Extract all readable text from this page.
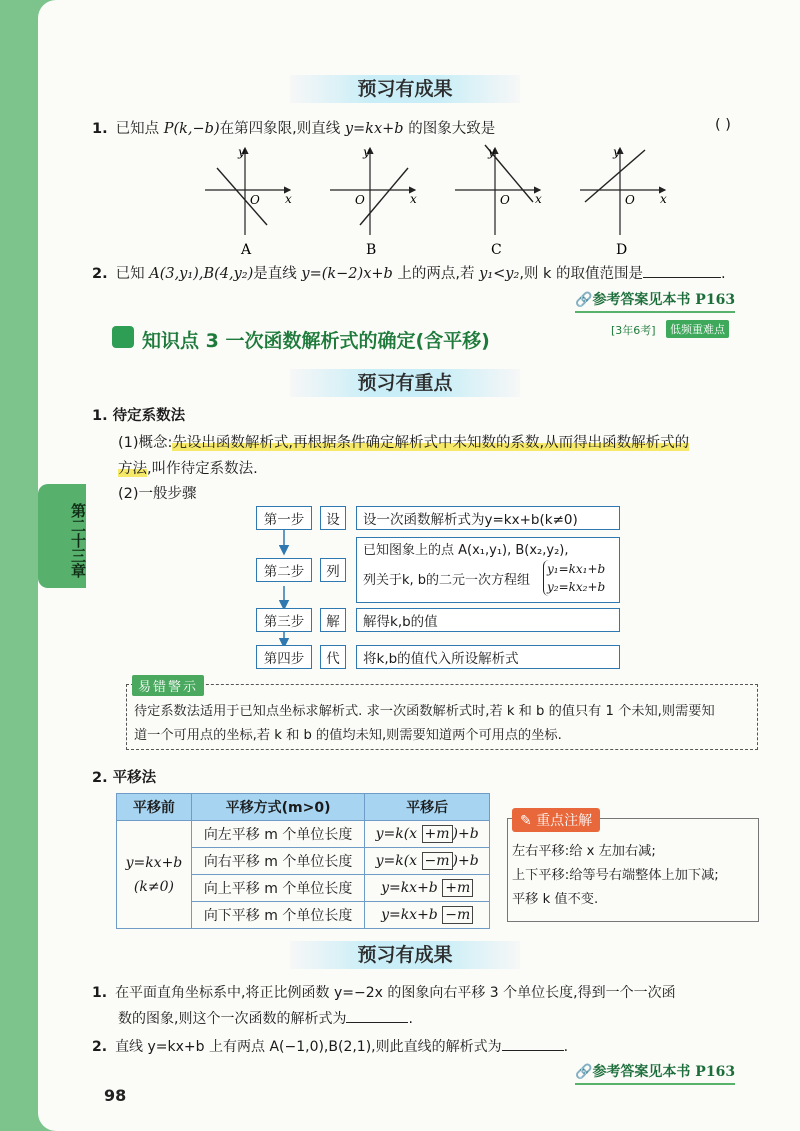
第二十三章
预习有成果
1. 已知点 P(k,−b)在第四象限,则直线 y=kx+b 的图象大致是	( )
y
x
O
A
y
x
O
B
y
x
O
C
y
x
O
D
2. 已知 A(3,y₁),B(4,y₂)是直线 y=(k−2)x+b 上的两点,若 y₁<y₂,则 k 的取值范围是	.
🔗参考答案见本书 P163
知识点 3 一次函数解析式的确定(含平移)	[3年6考]	低频重难点
预习有重点
1. 待定系数法
(1)概念:先设出函数解析式,再根据条件确定解析式中未知数的系数,从而得出函数解析式的
方法,叫作待定系数法.
(2)一般步骤
第一步	设	设一次函数解析式为y=kx+b(k≠0)
第二步	列
已知图象上的点 A(x₁,y₁), B(x₂,y₂),
列关于k, b的二元一次方程组
y₁=kx₁+b
y₂=kx₂+b
第三步	解	解得k,b的值
第四步	代	将k,b的值代入所设解析式
易错警示
待定系数法适用于已知点坐标求解析式. 求一次函数解析式时,若 k 和 b 的值只有 1 个未知,则需要知
道一个可用点的坐标,若 k 和 b 的值均未知,则需要知道两个可用点的坐标.
2. 平移法
平移前	平移方式(m>0)	平移后

y=kx+b
(k≠0)	向左平移 m 个单位长度	y=k(x +m )+b
	向右平移 m 个单位长度	y=k(x −m )+b
	向上平移 m 个单位长度	y=kx+b +m
	向下平移 m 个单位长度	y=kx+b −m
✎ 重点注解
左右平移:给 x 左加右减;
上下平移:给等号右端整体上加下减;
平移 k 值不变.
预习有成果
1. 在平面直角坐标系中,将正比例函数 y=−2x 的图象向右平移 3 个单位长度,得到一个一次函
数的图象,则这个一次函数的解析式为	.
2. 直线 y=kx+b 上有两点 A(−1,0),B(2,1),则此直线的解析式为	.
🔗参考答案见本书 P163
98
